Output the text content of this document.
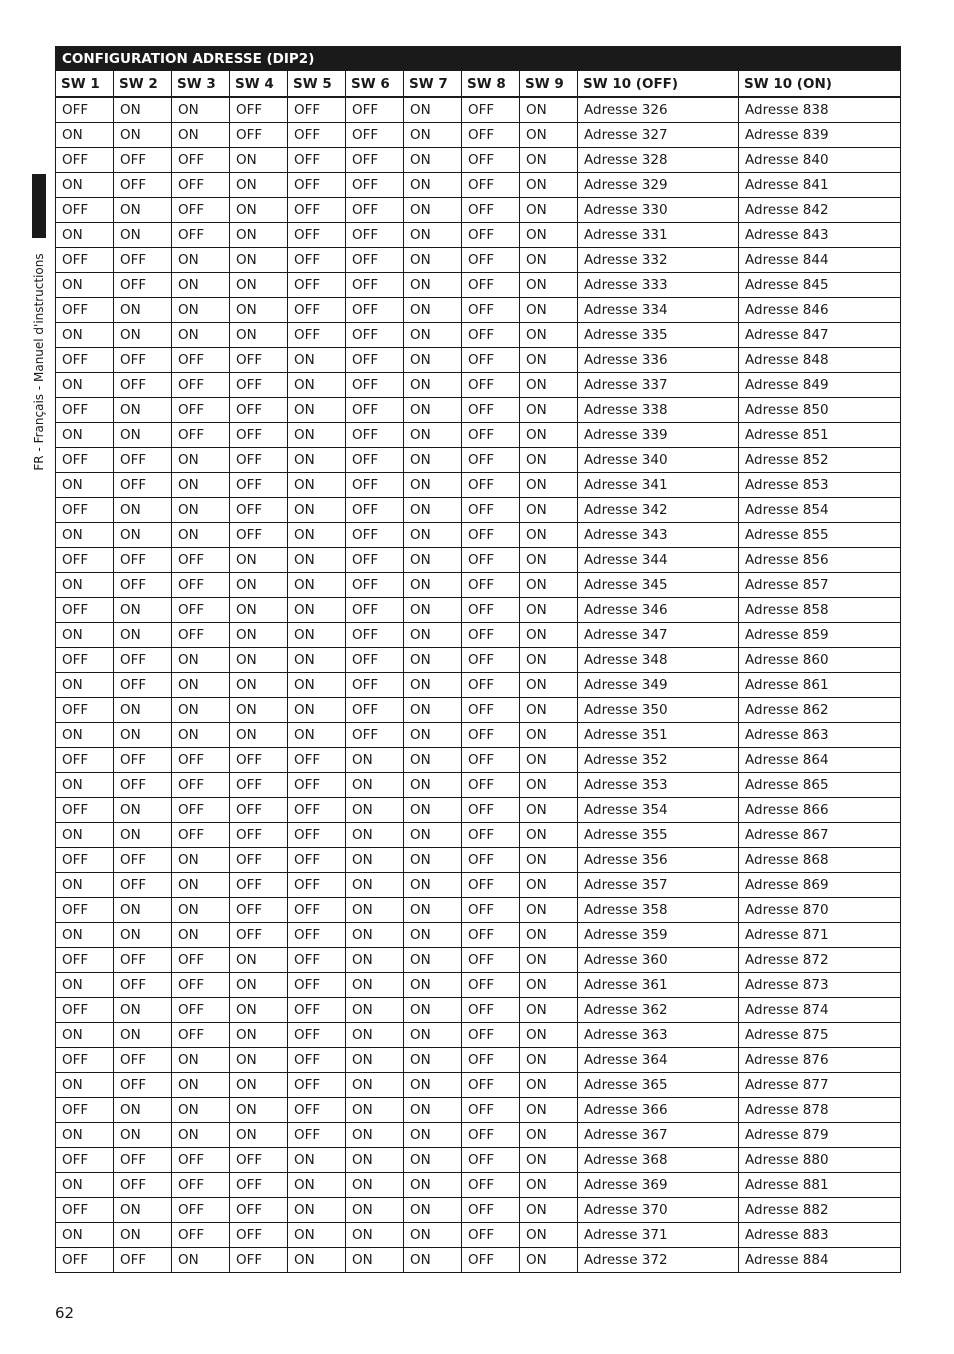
FR - Français - Manuel d'instructions
CONFIGURATION ADRESSE (DIP2)										
SW 1	SW 2	SW 3	SW 4	SW 5	SW 6	SW 7	SW 8	SW 9	SW 10 (OFF)	SW 10 (ON)
OFF	ON	ON	OFF	OFF	OFF	ON	OFF	ON	Adresse 326	Adresse 838
ON	ON	ON	OFF	OFF	OFF	ON	OFF	ON	Adresse 327	Adresse 839
OFF	OFF	OFF	ON	OFF	OFF	ON	OFF	ON	Adresse 328	Adresse 840
ON	OFF	OFF	ON	OFF	OFF	ON	OFF	ON	Adresse 329	Adresse 841
OFF	ON	OFF	ON	OFF	OFF	ON	OFF	ON	Adresse 330	Adresse 842
ON	ON	OFF	ON	OFF	OFF	ON	OFF	ON	Adresse 331	Adresse 843
OFF	OFF	ON	ON	OFF	OFF	ON	OFF	ON	Adresse 332	Adresse 844
ON	OFF	ON	ON	OFF	OFF	ON	OFF	ON	Adresse 333	Adresse 845
OFF	ON	ON	ON	OFF	OFF	ON	OFF	ON	Adresse 334	Adresse 846
ON	ON	ON	ON	OFF	OFF	ON	OFF	ON	Adresse 335	Adresse 847
OFF	OFF	OFF	OFF	ON	OFF	ON	OFF	ON	Adresse 336	Adresse 848
ON	OFF	OFF	OFF	ON	OFF	ON	OFF	ON	Adresse 337	Adresse 849
OFF	ON	OFF	OFF	ON	OFF	ON	OFF	ON	Adresse 338	Adresse 850
ON	ON	OFF	OFF	ON	OFF	ON	OFF	ON	Adresse 339	Adresse 851
OFF	OFF	ON	OFF	ON	OFF	ON	OFF	ON	Adresse 340	Adresse 852
ON	OFF	ON	OFF	ON	OFF	ON	OFF	ON	Adresse 341	Adresse 853
OFF	ON	ON	OFF	ON	OFF	ON	OFF	ON	Adresse 342	Adresse 854
ON	ON	ON	OFF	ON	OFF	ON	OFF	ON	Adresse 343	Adresse 855
OFF	OFF	OFF	ON	ON	OFF	ON	OFF	ON	Adresse 344	Adresse 856
ON	OFF	OFF	ON	ON	OFF	ON	OFF	ON	Adresse 345	Adresse 857
OFF	ON	OFF	ON	ON	OFF	ON	OFF	ON	Adresse 346	Adresse 858
ON	ON	OFF	ON	ON	OFF	ON	OFF	ON	Adresse 347	Adresse 859
OFF	OFF	ON	ON	ON	OFF	ON	OFF	ON	Adresse 348	Adresse 860
ON	OFF	ON	ON	ON	OFF	ON	OFF	ON	Adresse 349	Adresse 861
OFF	ON	ON	ON	ON	OFF	ON	OFF	ON	Adresse 350	Adresse 862
ON	ON	ON	ON	ON	OFF	ON	OFF	ON	Adresse 351	Adresse 863
OFF	OFF	OFF	OFF	OFF	ON	ON	OFF	ON	Adresse 352	Adresse 864
ON	OFF	OFF	OFF	OFF	ON	ON	OFF	ON	Adresse 353	Adresse 865
OFF	ON	OFF	OFF	OFF	ON	ON	OFF	ON	Adresse 354	Adresse 866
ON	ON	OFF	OFF	OFF	ON	ON	OFF	ON	Adresse 355	Adresse 867
OFF	OFF	ON	OFF	OFF	ON	ON	OFF	ON	Adresse 356	Adresse 868
ON	OFF	ON	OFF	OFF	ON	ON	OFF	ON	Adresse 357	Adresse 869
OFF	ON	ON	OFF	OFF	ON	ON	OFF	ON	Adresse 358	Adresse 870
ON	ON	ON	OFF	OFF	ON	ON	OFF	ON	Adresse 359	Adresse 871
OFF	OFF	OFF	ON	OFF	ON	ON	OFF	ON	Adresse 360	Adresse 872
ON	OFF	OFF	ON	OFF	ON	ON	OFF	ON	Adresse 361	Adresse 873
OFF	ON	OFF	ON	OFF	ON	ON	OFF	ON	Adresse 362	Adresse 874
ON	ON	OFF	ON	OFF	ON	ON	OFF	ON	Adresse 363	Adresse 875
OFF	OFF	ON	ON	OFF	ON	ON	OFF	ON	Adresse 364	Adresse 876
ON	OFF	ON	ON	OFF	ON	ON	OFF	ON	Adresse 365	Adresse 877
OFF	ON	ON	ON	OFF	ON	ON	OFF	ON	Adresse 366	Adresse 878
ON	ON	ON	ON	OFF	ON	ON	OFF	ON	Adresse 367	Adresse 879
OFF	OFF	OFF	OFF	ON	ON	ON	OFF	ON	Adresse 368	Adresse 880
ON	OFF	OFF	OFF	ON	ON	ON	OFF	ON	Adresse 369	Adresse 881
OFF	ON	OFF	OFF	ON	ON	ON	OFF	ON	Adresse 370	Adresse 882
ON	ON	OFF	OFF	ON	ON	ON	OFF	ON	Adresse 371	Adresse 883
OFF	OFF	ON	OFF	ON	ON	ON	OFF	ON	Adresse 372	Adresse 884
62
